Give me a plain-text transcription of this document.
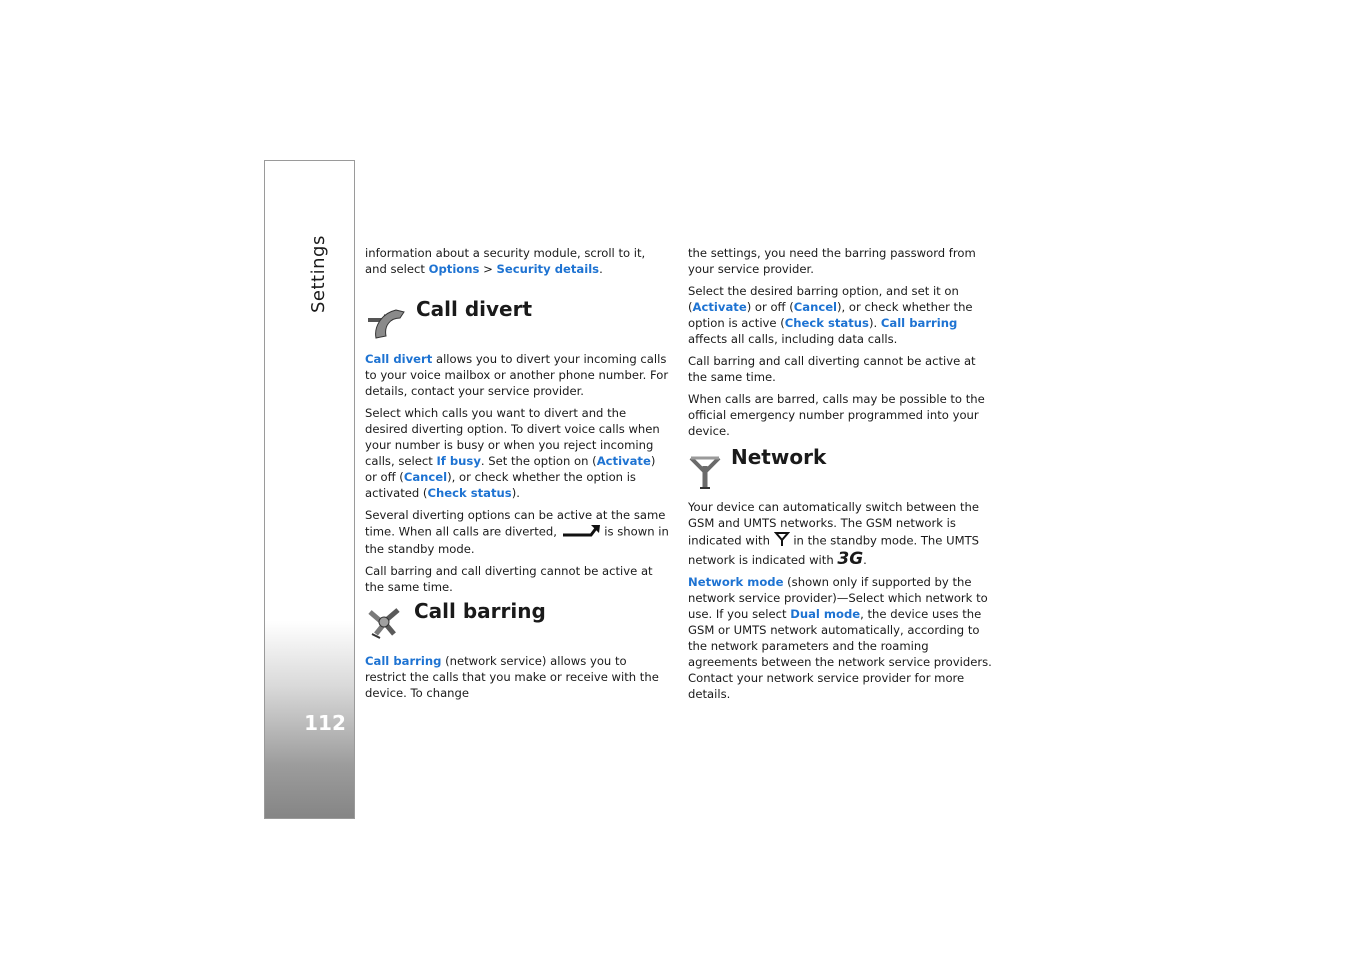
Settings
112

information about a security module, scroll to it, and select Options > Security details.

Call divert

Call divert allows you to divert your incoming calls to your voice mailbox or another phone number. For details, contact your service provider.

Select which calls you want to divert and the desired diverting option. To divert voice calls when your number is busy or when you reject incoming calls, select If busy. Set the option on (Activate) or off (Cancel), or check whether the option is activated (Check status).

Several diverting options can be active at the same time. When all calls are diverted,	is shown in the standby mode.

Call barring and call diverting cannot be active at the same time.

Call barring

Call barring (network service) allows you to restrict the calls that you make or receive with the device. To change

the settings, you need the barring password from your service provider.

Select the desired barring option, and set it on (Activate) or off (Cancel), or check whether the option is active (Check status). Call barring affects all calls, including data calls.

Call barring and call diverting cannot be active at the same time.

When calls are barred, calls may be possible to the official emergency number programmed into your device.

Network

Your device can automatically switch between the GSM and UMTS networks. The GSM network is indicated with  in the standby mode. The UMTS network is indicated with 3G.

Network mode (shown only if supported by the network service provider)—Select which network to use. If you select Dual mode, the device uses the GSM or UMTS network automatically, according to the network parameters and the roaming agreements between the network service providers. Contact your network service provider for more details.
